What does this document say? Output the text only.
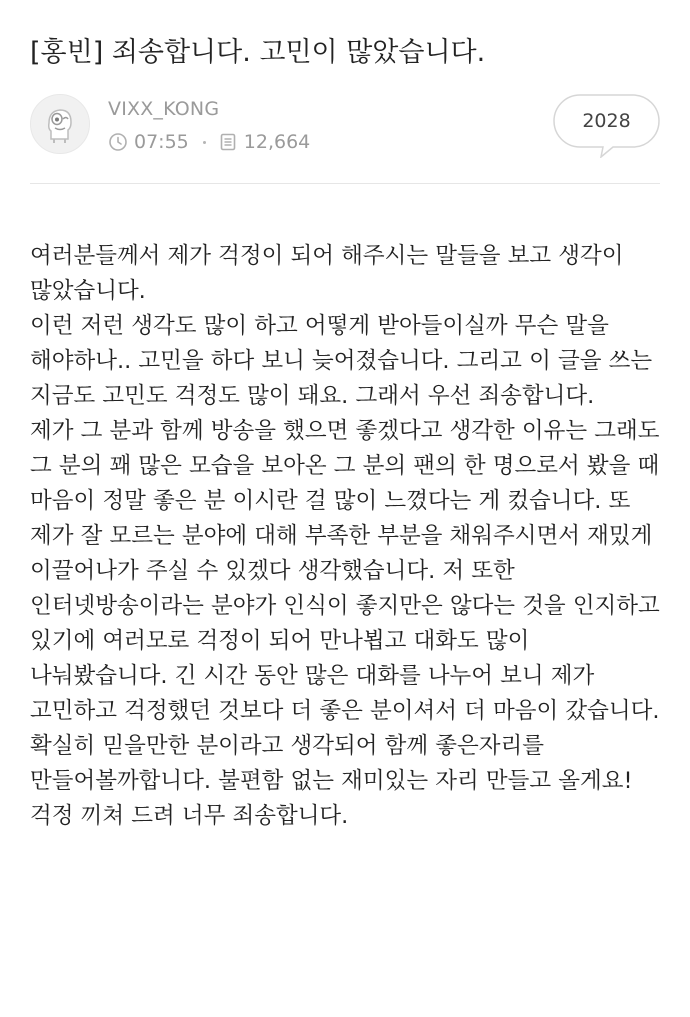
[홍빈] 죄송합니다. 고민이 많았습니다.
VIXX_KONG
07:55	12,664
2028

여러분들께서 제가 걱정이 되어 해주시는 말들을 보고 생각이 많았습니다.

이런 저런 생각도 많이 하고 어떻게 받아들이실까 무슨 말을 해야하나.. 고민을 하다 보니 늦어졌습니다. 그리고 이 글을 쓰는 지금도 고민도 걱정도 많이 돼요. 그래서 우선 죄송합니다.

제가 그 분과 함께 방송을 했으면 좋겠다고 생각한 이유는 그래도 그 분의 꽤 많은 모습을 보아온 그 분의 팬의 한 명으로서 봤을 때 마음이 정말 좋은 분 이시란 걸 많이 느꼈다는 게 컸습니다. 또 제가 잘 모르는 분야에 대해 부족한 부분을 채워주시면서 재밌게 이끌어나가 주실 수 있겠다 생각했습니다. 저 또한 인터넷방송이라는 분야가 인식이 좋지만은 않다는 것을 인지하고 있기에 여러모로 걱정이 되어 만나뵙고 대화도 많이 나눠봤습니다. 긴 시간 동안 많은 대화를 나누어 보니 제가 고민하고 걱정했던 것보다 더 좋은 분이셔서 더 마음이 갔습니다.

확실히 믿을만한 분이라고 생각되어 함께 좋은자리를 만들어볼까합니다. 불편함 없는 재미있는 자리 만들고 올게요!

걱정 끼쳐 드려 너무 죄송합니다.
